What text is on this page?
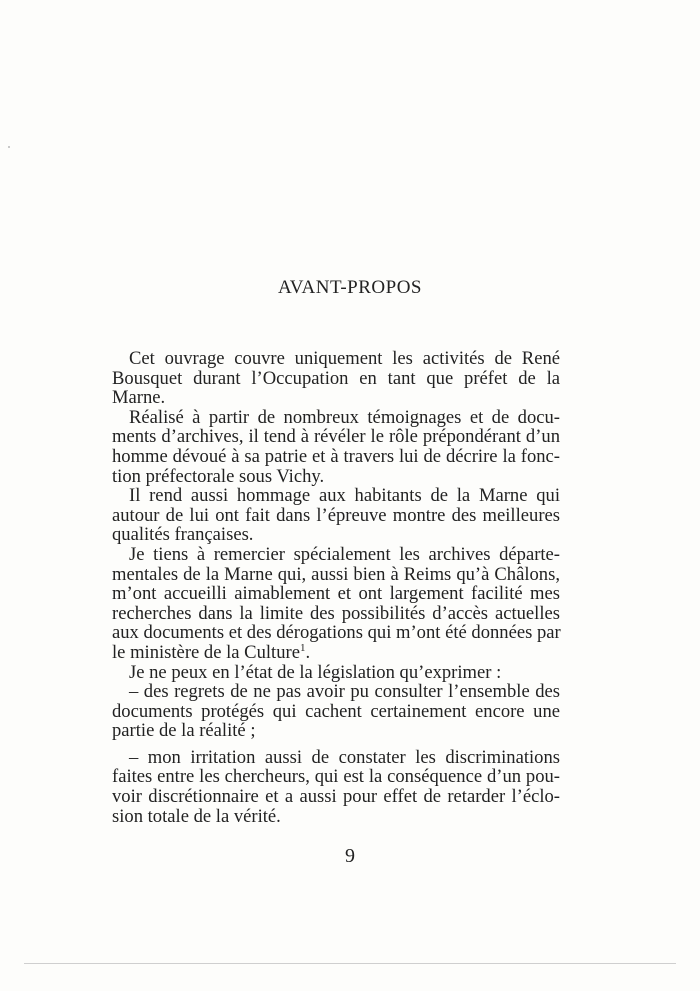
AVANT-PROPOS
Cet ouvrage couvre uniquement les activités de René
Bousquet durant l’Occupation en tant que préfet de la
Marne.
Réalisé à partir de nombreux témoignages et de docu-
ments d’archives, il tend à révéler le rôle prépondérant d’un
homme dévoué à sa patrie et à travers lui de décrire la fonc-
tion préfectorale sous Vichy.
Il rend aussi hommage aux habitants de la Marne qui
autour de lui ont fait dans l’épreuve montre des meilleures
qualités françaises.
Je tiens à remercier spécialement les archives départe-
mentales de la Marne qui, aussi bien à Reims qu’à Châlons,
m’ont accueilli aimablement et ont largement facilité mes
recherches dans la limite des possibilités d’accès actuelles
aux documents et des dérogations qui m’ont été données par
le ministère de la Culture$^1$.
Je ne peux en l’état de la législation qu’exprimer :
– des regrets de ne pas avoir pu consulter l’ensemble des
documents protégés qui cachent certainement encore une
partie de la réalité ;
– mon irritation aussi de constater les discriminations
faites entre les chercheurs, qui est la conséquence d’un pou-
voir discrétionnaire et a aussi pour effet de retarder l’éclo-
sion totale de la vérité.
9
